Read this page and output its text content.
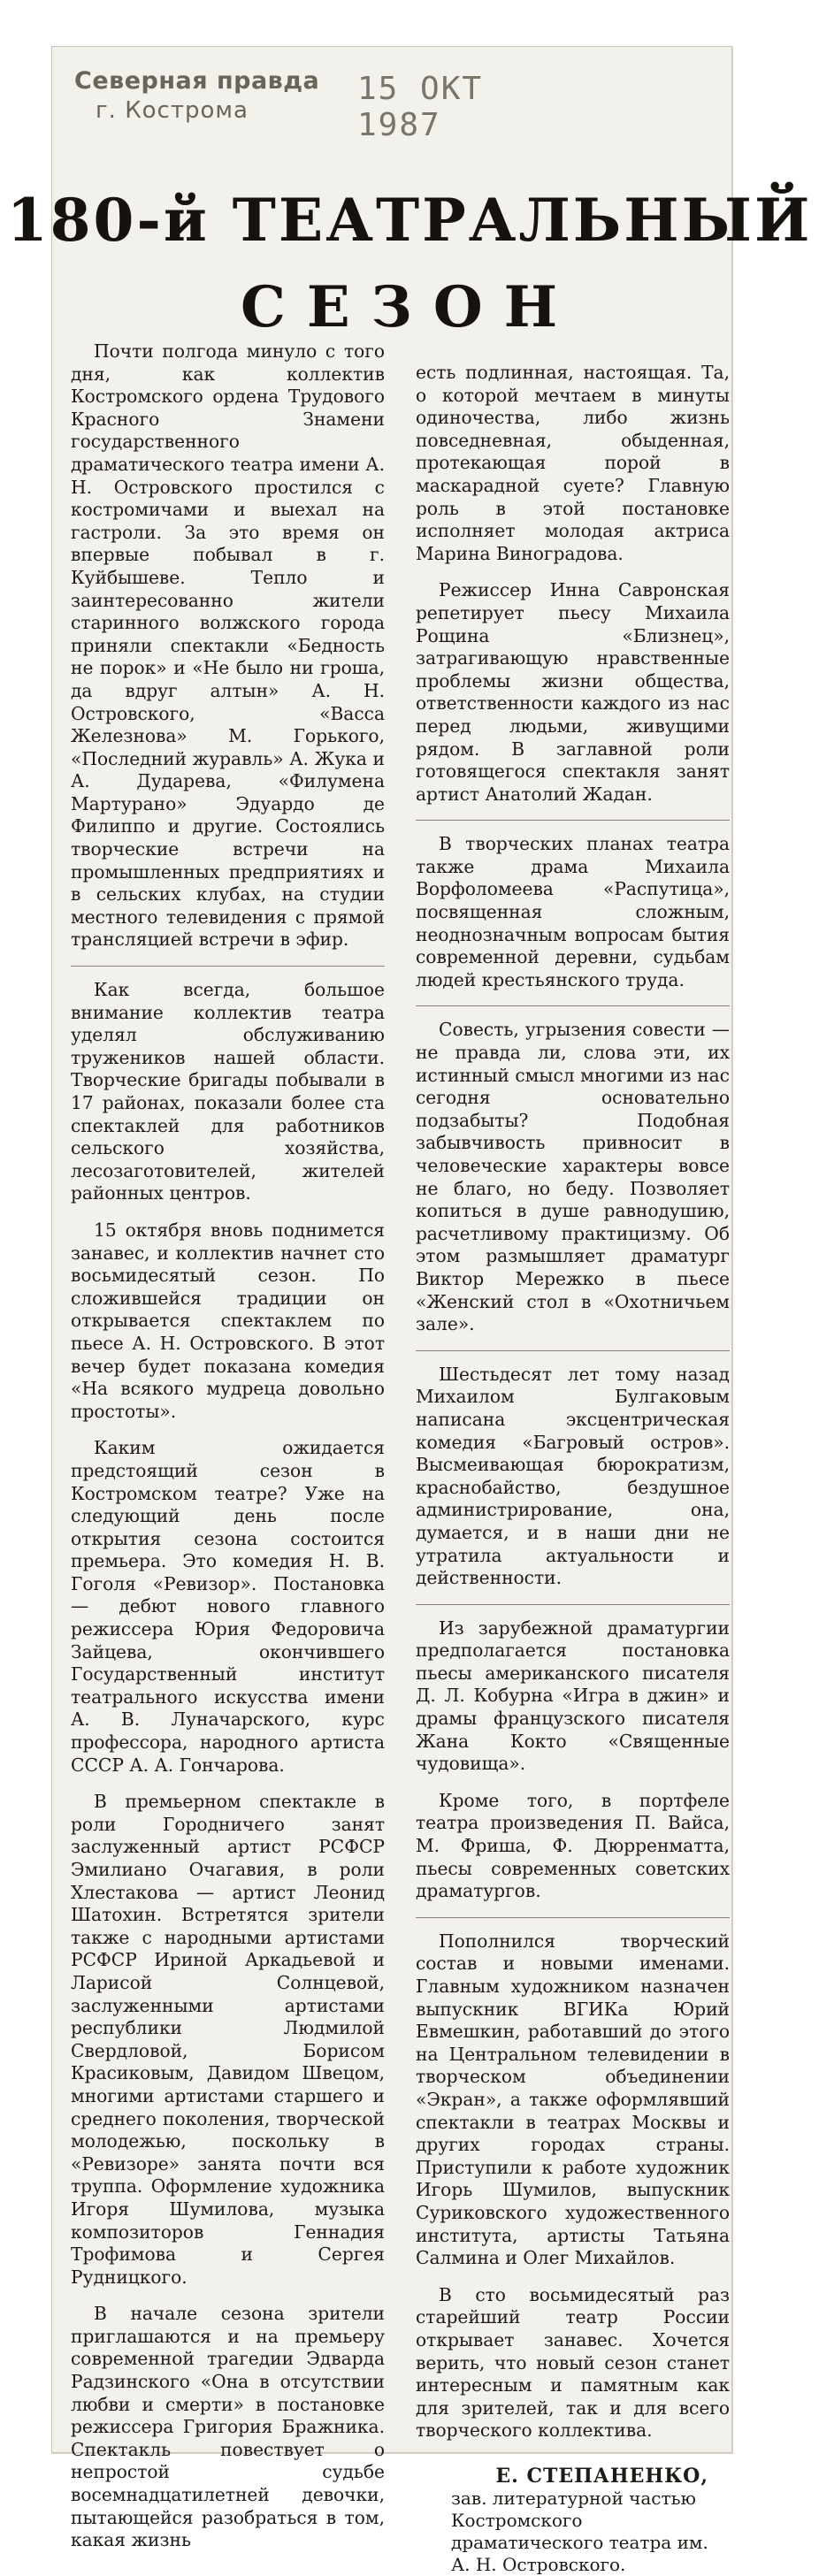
Северная правда
г. Кострома
15 ОКТ 1987
180-й ТЕАТРАЛЬНЫЙ
СЕЗОН

Почти полгода минуло с того дня, как коллектив Костромского ордена Трудового Красного Знамени государственного драматического театра имени А. Н. Островского простился с костромичами и выехал на гастроли. За это время он впервые побывал в г. Куйбышеве. Тепло и заинтересованно жители старинного волжского города приняли спектакли «Бедность не порок» и «Не было ни гроша, да вдруг алтын» А. Н. Островского, «Васса Железнова» М. Горького, «Последний журавль» А. Жука и А. Дударева, «Филумена Мартурано» Эдуардо де Филиппо и другие. Состоялись творческие встречи на промышленных предприятиях и в сельских клубах, на студии местного телевидения с прямой трансляцией встречи в эфир.

Как всегда, большое внимание коллектив театра уделял обслуживанию тружеников нашей области. Творческие бригады побывали в 17 районах, показали более ста спектаклей для работников сельского хозяйства, лесозаготовителей, жителей районных центров.

15 октября вновь поднимется занавес, и коллектив начнет сто восьмидесятый сезон. По сложившейся традиции он открывается спектаклем по пьесе А. Н. Островского. В этот вечер будет показана комедия «На всякого мудреца довольно простоты».

Каким ожидается предстоящий сезон в Костромском театре? Уже на следующий день после открытия сезона состоится премьера. Это комедия Н. В. Гоголя «Ревизор». Постановка — дебют нового главного режиссера Юрия Федоровича Зайцева, окончившего Государственный институт театрального искусства имени А. В. Луначарского, курс профессора, народного артиста СССР А. А. Гончарова.

В премьерном спектакле в роли Городничего занят заслуженный артист РСФСР Эмилиано Очагавия, в роли Хлестакова — артист Леонид Шатохин. Встретятся зрители также с народными артистами РСФСР Ириной Аркадьевой и Ларисой Солнцевой, заслуженными артистами республики Людмилой Свердловой, Борисом Красиковым, Давидом Швецом, многими артистами старшего и среднего поколения, творческой молодежью, поскольку в «Ревизоре» занята почти вся труппа. Оформление художника Игоря Шумилова, музыка композиторов Геннадия Трофимова и Сергея Рудницкого.

В начале сезона зрители приглашаются и на премьеру современной трагедии Эдварда Радзинского «Она в отсутствии любви и смерти» в постановке режиссера Григория Бражника. Спектакль повествует о непростой судьбе восемнадцатилетней девочки, пытающейся разобраться в том, какая жизнь

есть подлинная, настоящая. Та, о которой мечтаем в минуты одиночества, либо жизнь повседневная, обыденная, протекающая порой в маскарадной суете? Главную роль в этой постановке исполняет молодая актриса Марина Виноградова.

Режиссер Инна Савронская репетирует пьесу Михаила Рощина «Близнец», затрагивающую нравственные проблемы жизни общества, ответственности каждого из нас перед людьми, живущими рядом. В заглавной роли готовящегося спектакля занят артист Анатолий Жадан.

В творческих планах театра также драма Михаила Ворфоломеева «Распутица», посвященная сложным, неоднозначным вопросам бытия современной деревни, судьбам людей крестьянского труда.

Совесть, угрызения совести — не правда ли, слова эти, их истинный смысл многими из нас сегодня основательно подзабыты? Подобная забывчивость привносит в человеческие характеры вовсе не благо, но беду. Позволяет копиться в душе равнодушию, расчетливому практицизму. Об этом размышляет драматург Виктор Мережко в пьесе «Женский стол в «Охотничьем зале».

Шестьдесят лет тому назад Михаилом Булгаковым написана эксцентрическая комедия «Багровый остров». Высмеивающая бюрократизм, краснобайство, бездушное администрирование, она, думается, и в наши дни не утратила актуальности и действенности.

Из зарубежной драматургии предполагается постановка пьесы американского писателя Д. Л. Кобурна «Игра в джин» и драмы французского писателя Жана Кокто «Священные чудовища».

Кроме того, в портфеле театра произведения П. Вайса, М. Фриша, Ф. Дюрренматта, пьесы современных советских драматургов.

Пополнился творческий состав и новыми именами. Главным художником назначен выпускник ВГИКа Юрий Евмешкин, работавший до этого на Центральном телевидении в творческом объединении «Экран», а также оформлявший спектакли в театрах Москвы и других городах страны. Приступили к работе художник Игорь Шумилов, выпускник Суриковского художественного института, артисты Татьяна Салмина и Олег Михайлов.

В сто восьмидесятый раз старейший театр России открывает занавес. Хочется верить, что новый сезон станет интересным и памятным как для зрителей, так и для всего творческого коллектива.

Е. СТЕПАНЕНКО,
зав. литературной частью Костромского драматического театра им. А. Н. Островского.
